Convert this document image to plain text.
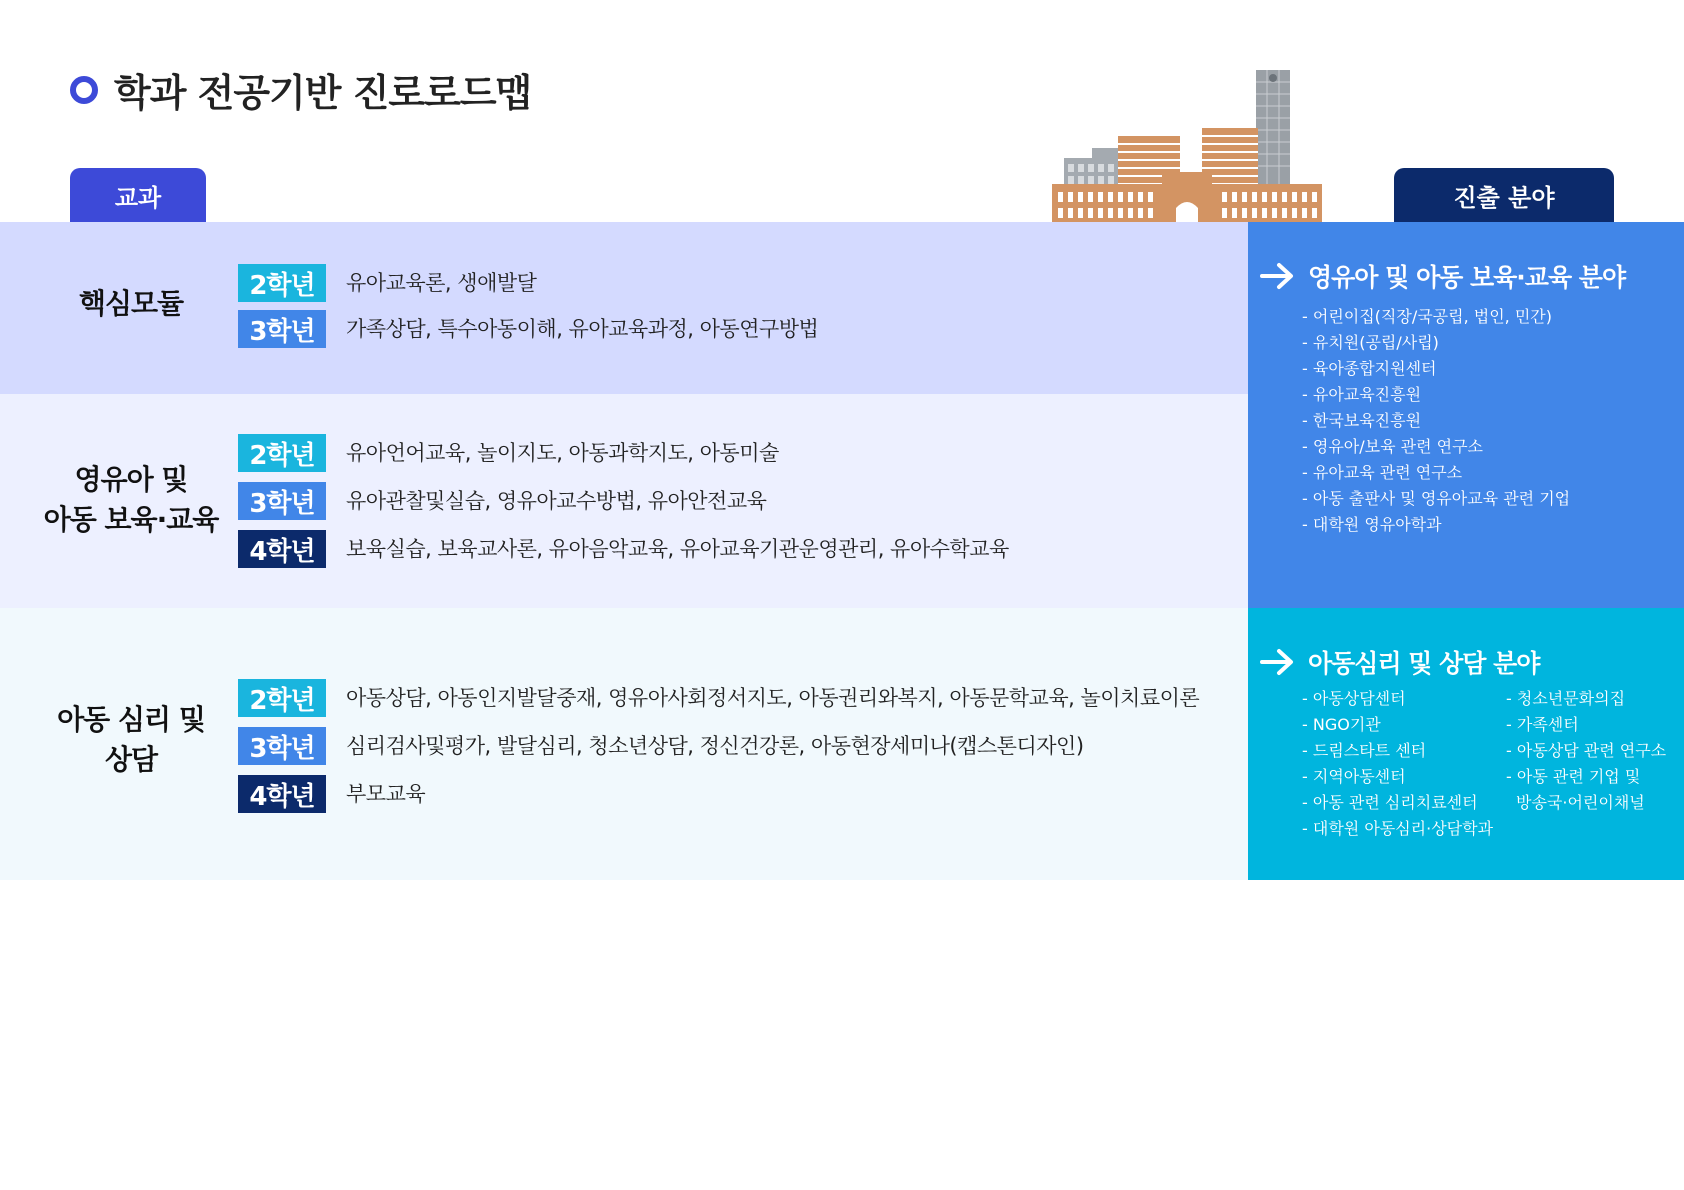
학과 전공기반 진로로드맵
교과	진출 분야
핵심모듈
2학년	유아교육론, 생애발달
3학년	가족상담, 특수아동이해, 유아교육과정, 아동연구방법
영유아 및
아동 보육·교육
2학년	유아언어교육, 놀이지도, 아동과학지도, 아동미술
3학년	유아관찰및실습, 영유아교수방법, 유아안전교육
4학년	보육실습, 보육교사론, 유아음악교육, 유아교육기관운영관리, 유아수학교육
아동 심리 및
상담
2학년	아동상담, 아동인지발달중재, 영유아사회정서지도, 아동권리와복지, 아동문학교육, 놀이치료이론
3학년	심리검사및평가, 발달심리, 청소년상담, 정신건강론, 아동현장세미나(캡스톤디자인)
4학년	부모교육
영유아 및 아동 보육·교육 분야
- 어린이집(직장/국공립, 법인, 민간)
- 유치원(공립/사립)
- 육아종합지원센터
- 유아교육진흥원
- 한국보육진흥원
- 영유아/보육 관련 연구소
- 유아교육 관련 연구소
- 아동 출판사 및 영유아교육 관련 기업
- 대학원 영유아학과
아동심리 및 상담 분야
- 아동상담센터
- NGO기관
- 드림스타트 센터
- 지역아동센터
- 아동 관련 심리치료센터
- 대학원 아동심리·상담학과
- 청소년문화의집
- 가족센터
- 아동상담 관련 연구소
- 아동 관련 기업 및
방송국·어린이채널
